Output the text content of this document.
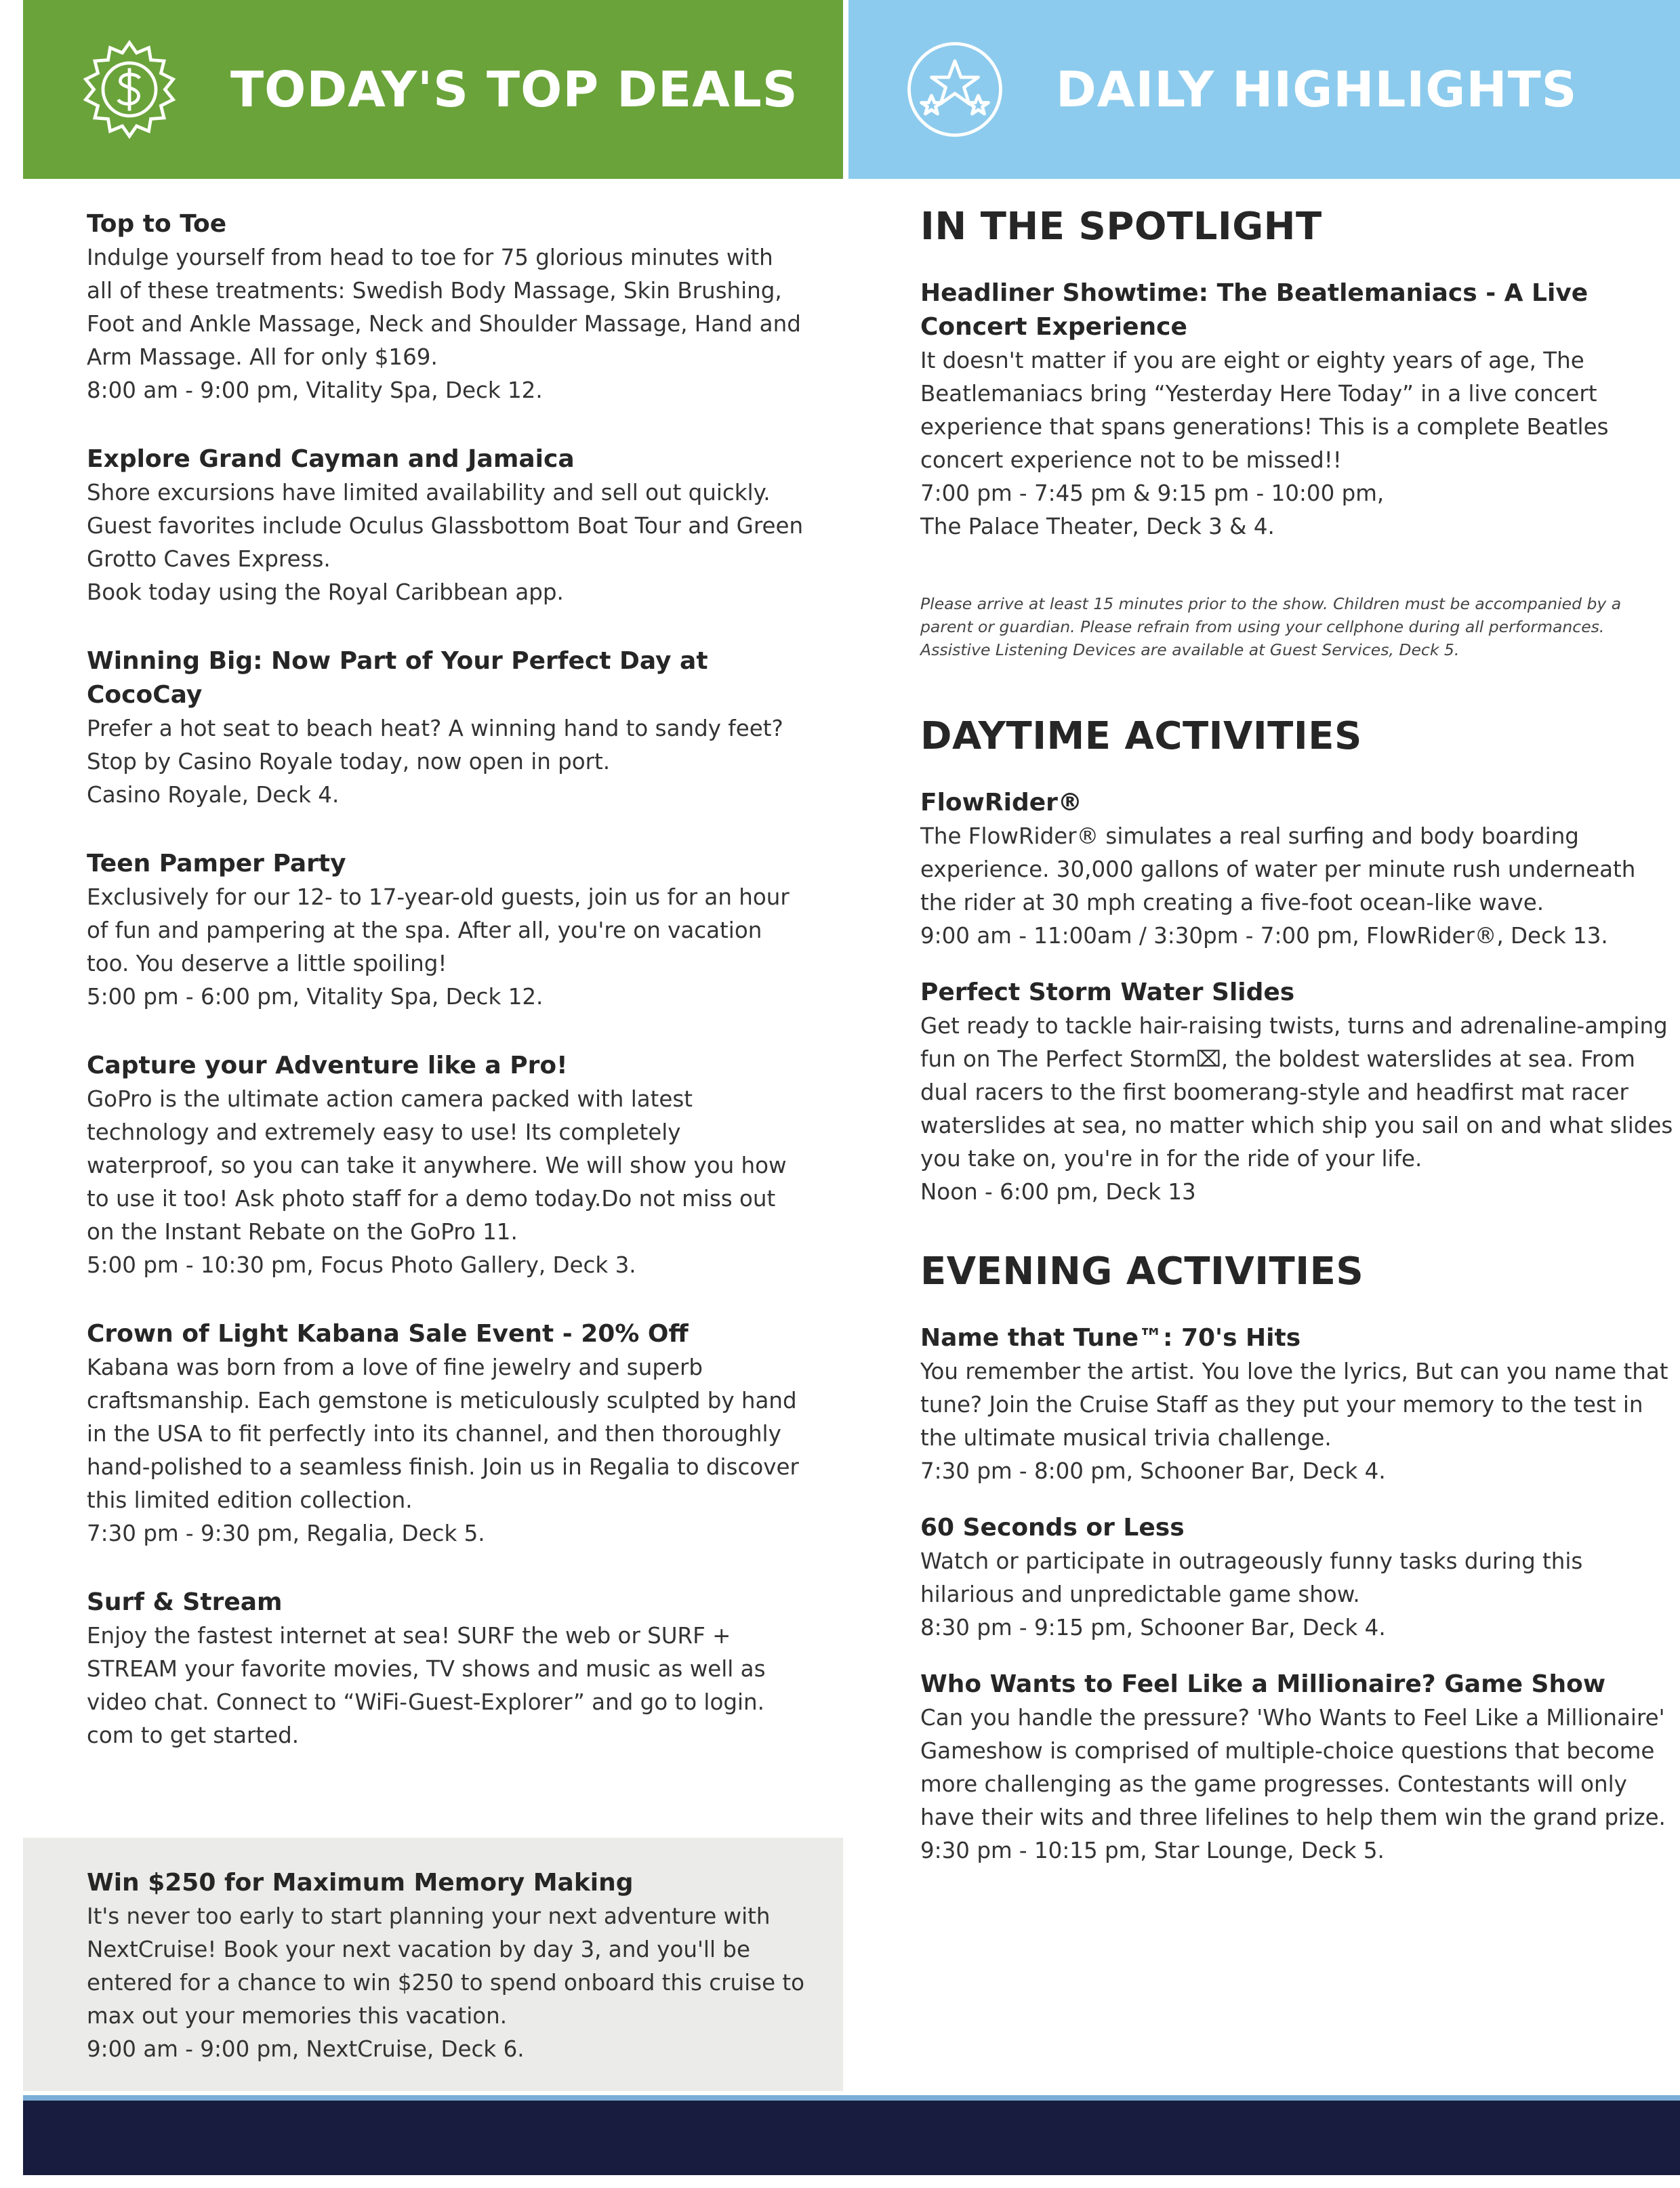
TODAY'S TOP DEALS	DAILY HIGHLIGHTS
Top to Toe
Indulge yourself from head to toe for 75 glorious minutes with all of these treatments: Swedish Body Massage, Skin Brushing, Foot and Ankle Massage, Neck and Shoulder Massage, Hand and Arm Massage. All for only $169.
8:00 am - 9:00 pm, Vitality Spa, Deck 12.
Explore Grand Cayman and Jamaica
Shore excursions have limited availability and sell out quickly. Guest favorites include Oculus Glassbottom Boat Tour and Green Grotto Caves Express.
Book today using the Royal Caribbean app.
Winning Big: Now Part of Your Perfect Day at CocoCay
Prefer a hot seat to beach heat? A winning hand to sandy feet? Stop by Casino Royale today, now open in port.
Casino Royale, Deck 4.
Teen Pamper Party
Exclusively for our 12- to 17-year-old guests, join us for an hour of fun and pampering at the spa. After all, you're on vacation too. You deserve a little spoiling!
5:00 pm - 6:00 pm, Vitality Spa, Deck 12.
Capture your Adventure like a Pro!
GoPro is the ultimate action camera packed with latest technology and extremely easy to use! Its completely waterproof, so you can take it anywhere. We will show you how to use it too! Ask photo staff for a demo today.Do not miss out on the Instant Rebate on the GoPro 11.
5:00 pm - 10:30 pm, Focus Photo Gallery, Deck 3.
Crown of Light Kabana Sale Event - 20% Off
Kabana was born from a love of fine jewelry and superb craftsmanship. Each gemstone is meticulously sculpted by hand in the USA to fit perfectly into its channel, and then thoroughly hand-polished to a seamless finish. Join us in Regalia to discover this limited edition collection.
7:30 pm - 9:30 pm, Regalia, Deck 5.
Surf & Stream
Enjoy the fastest internet at sea! SURF the web or SURF + STREAM your favorite movies, TV shows and music as well as video chat. Connect to “WiFi-Guest-Explorer” and go to login. com to get started.
Win $250 for Maximum Memory Making
It's never too early to start planning your next adventure with NextCruise! Book your next vacation by day 3, and you'll be entered for a chance to win $250 to spend onboard this cruise to max out your memories this vacation.
9:00 am - 9:00 pm, NextCruise, Deck 6.
IN THE SPOTLIGHT
Headliner Showtime: The Beatlemaniacs - A Live Concert Experience
It doesn't matter if you are eight or eighty years of age, The Beatlemaniacs bring “Yesterday Here Today” in a live concert experience that spans generations! This is a complete Beatles concert experience not to be missed!!
7:00 pm - 7:45 pm & 9:15 pm - 10:00 pm,
The Palace Theater, Deck 3 & 4.
Please arrive at least 15 minutes prior to the show. Children must be accompanied by a parent or guardian. Please refrain from using your cellphone during all performances. Assistive Listening Devices are available at Guest Services, Deck 5.
DAYTIME ACTIVITIES
FlowRider®
The FlowRider® simulates a real surfing and body boarding experience. 30,000 gallons of water per minute rush underneath the rider at 30 mph creating a five-foot ocean-like wave.
9:00 am - 11:00am / 3:30pm - 7:00 pm, FlowRider®, Deck 13.
Perfect Storm Water Slides
Get ready to tackle hair-raising twists, turns and adrenaline-amping fun on The Perfect Storm⌧, the boldest waterslides at sea. From dual racers to the first boomerang-style and headfirst mat racer waterslides at sea, no matter which ship you sail on and what slides you take on, you're in for the ride of your life.
Noon - 6:00 pm, Deck 13
EVENING ACTIVITIES
Name that Tune™: 70's Hits
You remember the artist. You love the lyrics, But can you name that tune? Join the Cruise Staff as they put your memory to the test in the ultimate musical trivia challenge.
7:30 pm - 8:00 pm, Schooner Bar, Deck 4.
60 Seconds or Less
Watch or participate in outrageously funny tasks during this hilarious and unpredictable game show.
8:30 pm - 9:15 pm, Schooner Bar, Deck 4.
Who Wants to Feel Like a Millionaire? Game Show
Can you handle the pressure? 'Who Wants to Feel Like a Millionaire' Gameshow is comprised of multiple-choice questions that become more challenging as the game progresses. Contestants will only have their wits and three lifelines to help them win the grand prize.
9:30 pm - 10:15 pm, Star Lounge, Deck 5.
